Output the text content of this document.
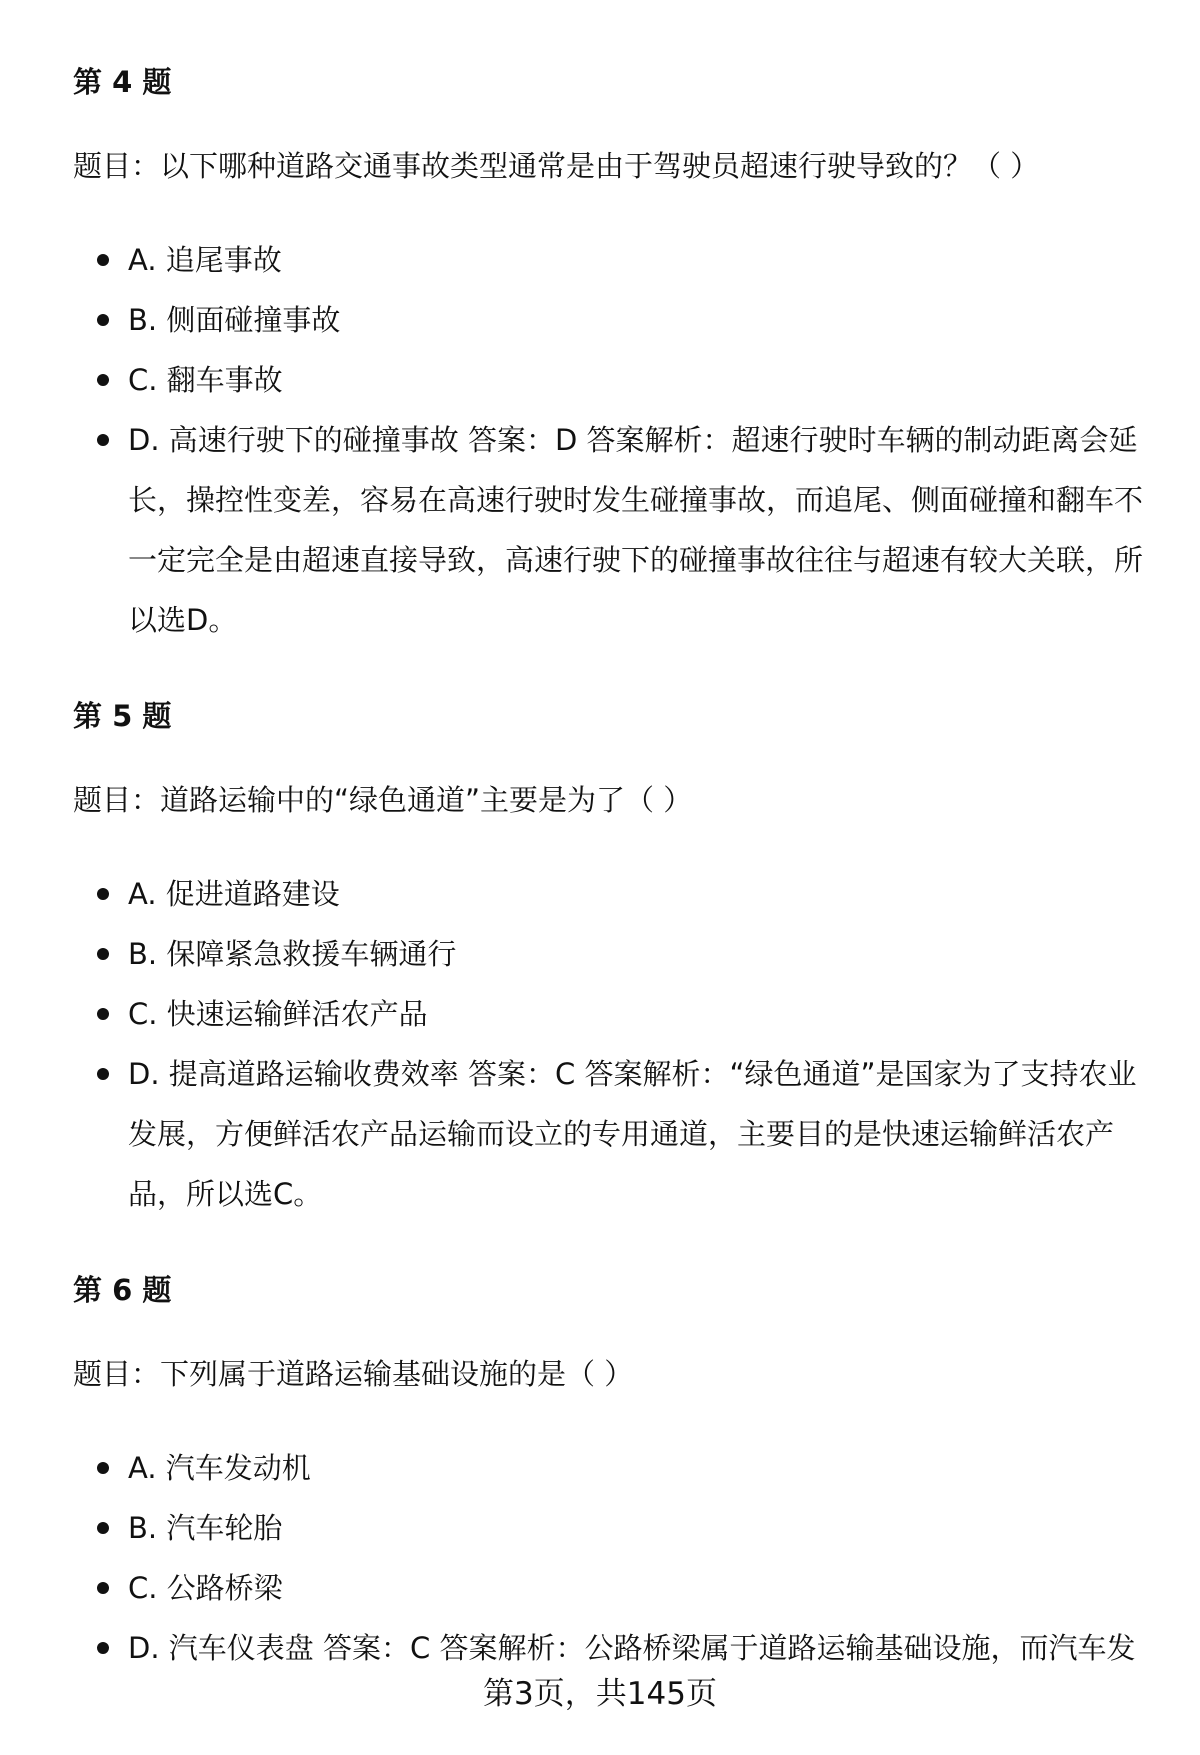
第 4 题
题目：以下哪种道路交通事故类型通常是由于驾驶员超速行驶导致的？（ ）
A. 追尾事故
B. 侧面碰撞事故
C. 翻车事故
D. 高速行驶下的碰撞事故 答案：D 答案解析：超速行驶时车辆的制动距离会延长，操控性变差，容易在高速行驶时发生碰撞事故，而追尾、侧面碰撞和翻车不一定完全是由超速直接导致，高速行驶下的碰撞事故往往与超速有较大关联，所以选D。
第 5 题
题目：道路运输中的“绿色通道”主要是为了（ ）
A. 促进道路建设
B. 保障紧急救援车辆通行
C. 快速运输鲜活农产品
D. 提高道路运输收费效率 答案：C 答案解析：“绿色通道”是国家为了支持农业发展，方便鲜活农产品运输而设立的专用通道，主要目的是快速运输鲜活农产品，所以选C。
第 6 题
题目：下列属于道路运输基础设施的是（ ）
A. 汽车发动机
B. 汽车轮胎
C. 公路桥梁
D. 汽车仪表盘 答案：C 答案解析：公路桥梁属于道路运输基础设施，而汽车发
第3页，共145页
